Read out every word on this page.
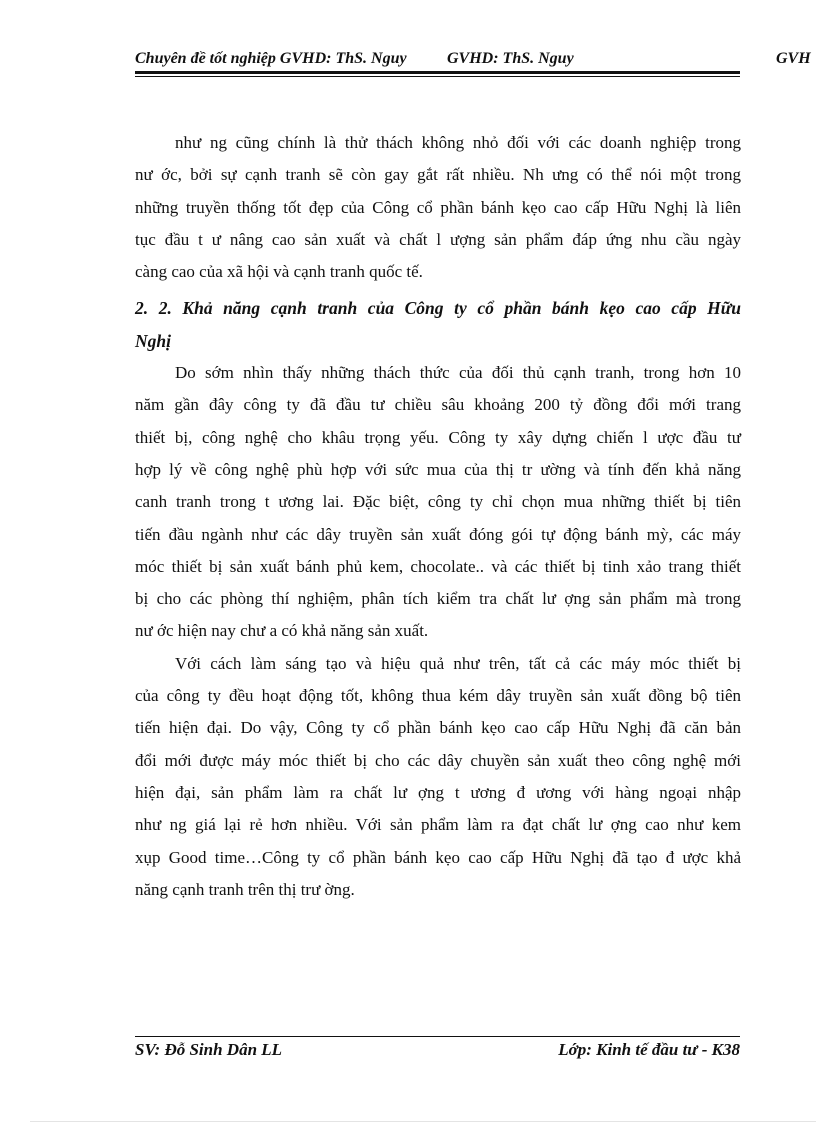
Chuyên đề tốt nghiệp GVHD: ThS. Nguy	GVHD: ThS. Nguy	GVH
như ng cũng chính là thử thách không nhỏ đối với các doanh nghiệp trong
nư ớc, bởi sự cạnh tranh sẽ còn gay gắt rất nhiều. Nh ưng có thể nói một trong
những truyền thống tốt đẹp của Công cổ phần bánh kẹo cao cấp Hữu Nghị là liên
tục đầu t ư nâng cao sản xuất và chất l ượng sản phẩm đáp ứng nhu cầu ngày
càng cao của xã hội và cạnh tranh quốc tế.
2. 2. Khả năng cạnh tranh của Công ty cổ phần bánh kẹo cao cấp Hữu
Nghị
Do sớm nhìn thấy những thách thức của đối thủ cạnh tranh, trong hơn 10
năm gần đây công ty đã đầu tư chiều sâu khoảng 200 tỷ đồng đổi mới trang
thiết bị, công nghệ cho khâu trọng yếu. Công ty xây dựng chiến l ược đầu tư
hợp lý về công nghệ phù hợp với sức mua của thị tr ường và tính đến khả năng
canh tranh trong t ương lai. Đặc biệt, công ty chỉ chọn mua những thiết bị tiên
tiến đầu ngành như các dây truyền sản xuất đóng gói tự động bánh mỳ, các máy
móc thiết bị sản xuất bánh phủ kem, chocolate.. và các thiết bị tinh xảo trang thiết
bị cho các phòng thí nghiệm, phân tích kiểm tra chất lư ợng sản phẩm mà trong
nư ớc hiện nay chư a có khả năng sản xuất.
Với cách làm sáng tạo và hiệu quả như trên, tất cả các máy móc thiết bị
của công ty đều hoạt động tốt, không thua kém dây truyền sản xuất đồng bộ tiên
tiến hiện đại. Do vậy, Công ty cổ phần bánh kẹo cao cấp Hữu Nghị đã căn bản
đổi mới được máy móc thiết bị cho các dây chuyền sản xuất theo công nghệ mới
hiện đại, sản phẩm làm ra chất lư ợng t ương đ ương với hàng ngoại nhập
như ng giá lại rẻ hơn nhiều. Với sản phẩm làm ra đạt chất lư ợng cao như kem
xụp Good time…Công ty cổ phần bánh kẹo cao cấp Hữu Nghị đã tạo đ ược khả
năng cạnh tranh trên thị trư ờng.
SV: Đỗ Sinh Dân LL	Lớp: Kinh tế đầu tư - K38
